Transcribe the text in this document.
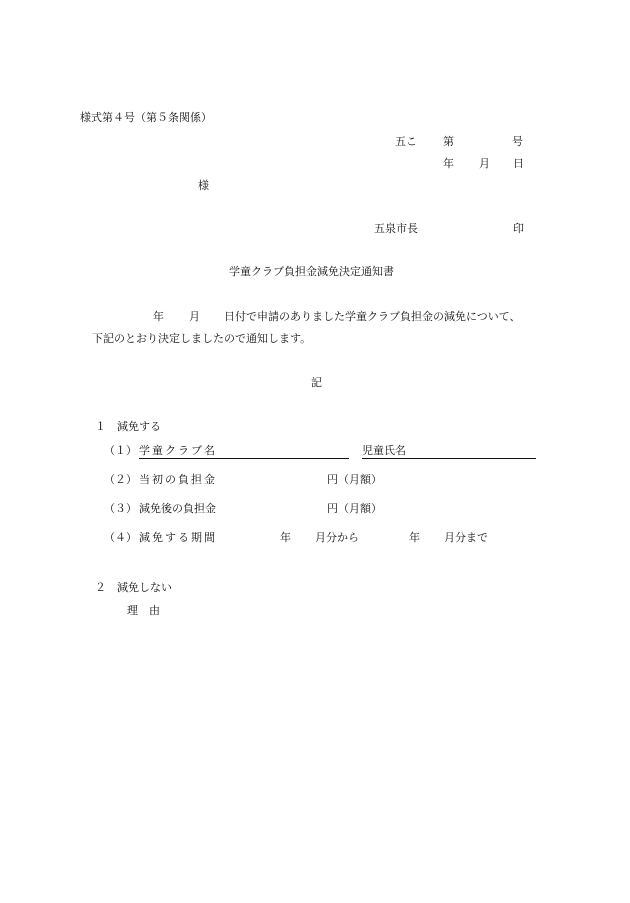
様式第４号（第５条関係）
五こ 第	号
年 月 日
様
五泉市長	印
学童クラブ負担金減免決定通知書
年 月 日付で申請のありました学童クラブ負担金の減免について、
下記のとおり決定しましたので通知します。
記
１　減免する
（１） 学童クラブ名	児童氏名
（２） 当初の負担金	円（月額）
（３） 減免後の負担金	円（月額）
（４） 減免する期間	年 月分から	年 月分まで
２　減免しない
理　由
